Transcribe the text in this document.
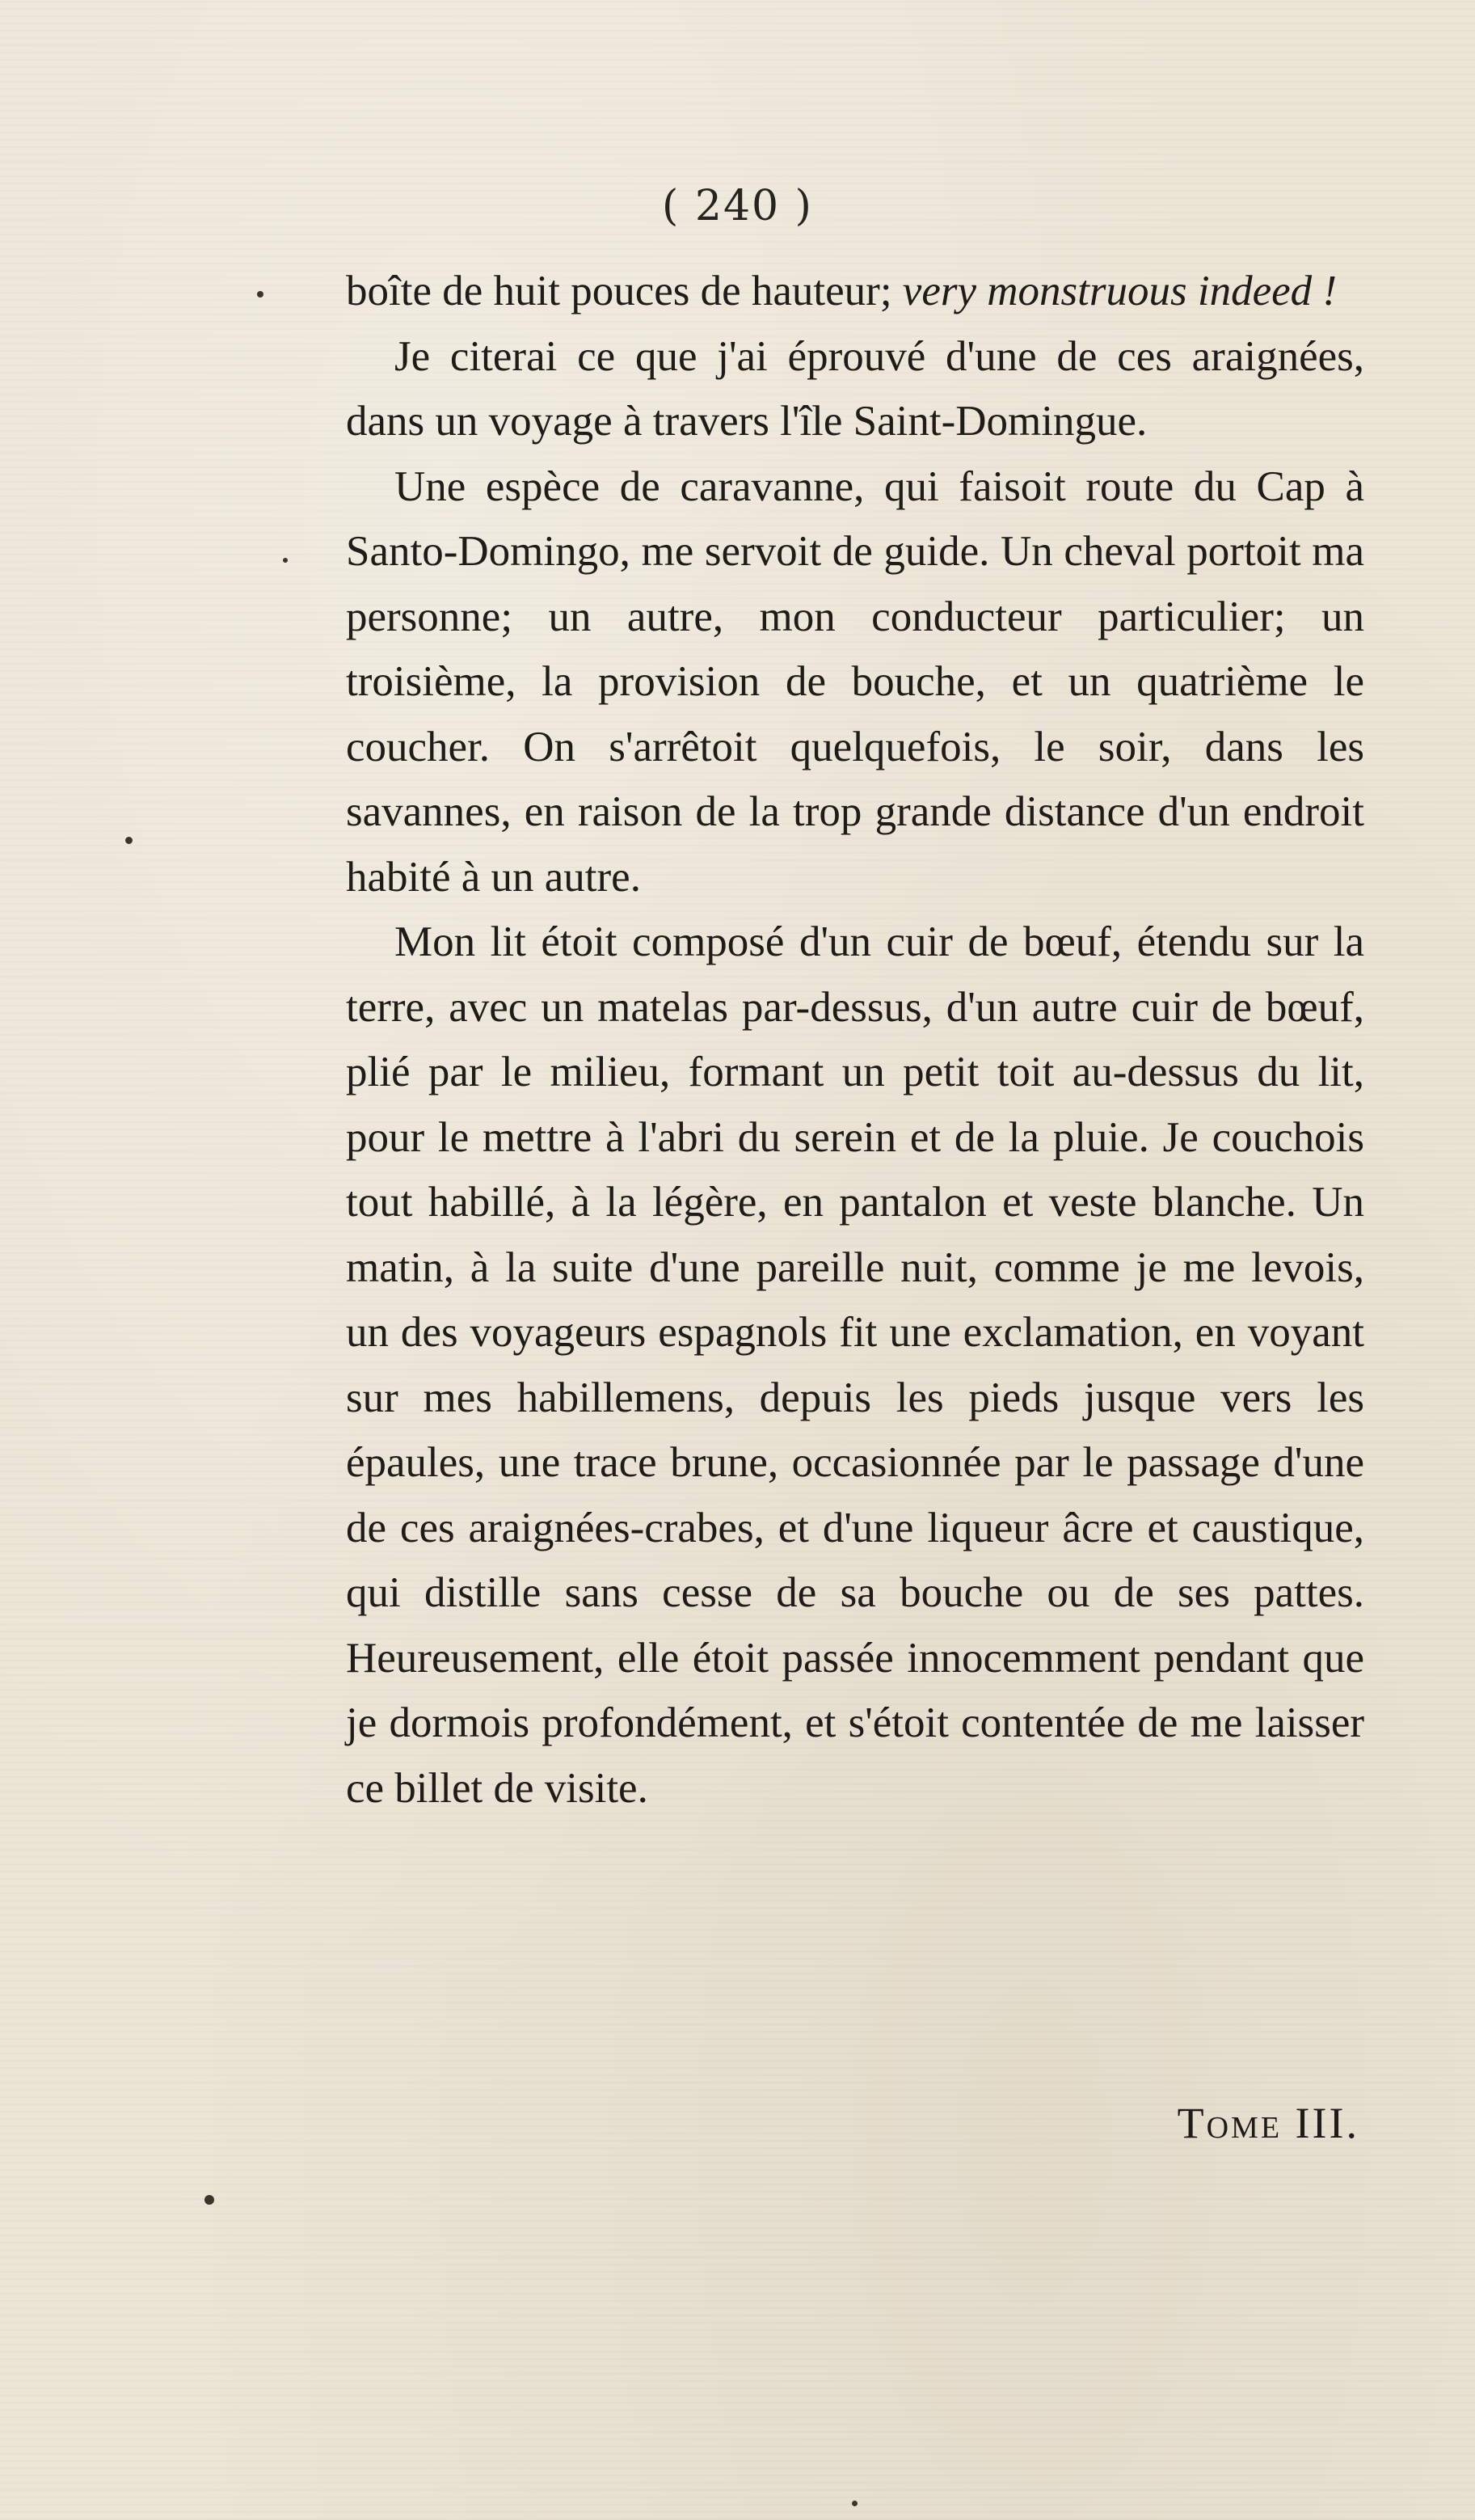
( 240 )

boîte de huit pouces de hauteur; very monstruous indeed !

Je citerai ce que j'ai éprouvé d'une de ces araignées, dans un voyage à travers l'île Saint-Domingue.

Une espèce de caravanne, qui faisoit route du Cap à Santo-Domingo, me servoit de guide. Un cheval portoit ma personne; un autre, mon conducteur particulier; un troisième, la provision de bouche, et un quatrième le coucher. On s'arrêtoit quelquefois, le soir, dans les savannes, en raison de la trop grande distance d'un endroit habité à un autre.

Mon lit étoit composé d'un cuir de bœuf, étendu sur la terre, avec un matelas par-dessus, d'un autre cuir de bœuf, plié par le milieu, formant un petit toit au-dessus du lit, pour le mettre à l'abri du serein et de la pluie. Je couchois tout habillé, à la légère, en pantalon et veste blanche. Un matin, à la suite d'une pareille nuit, comme je me levois, un des voyageurs espagnols fit une exclamation, en voyant sur mes habillemens, depuis les pieds jusque vers les épaules, une trace brune, occasionnée par le passage d'une de ces araignées-crabes, et d'une liqueur âcre et caustique, qui distille sans cesse de sa bouche ou de ses pattes. Heureusement, elle étoit passée innocemment pendant que je dormois profondément, et s'étoit contentée de me laisser ce billet de visite.

Tome III.
